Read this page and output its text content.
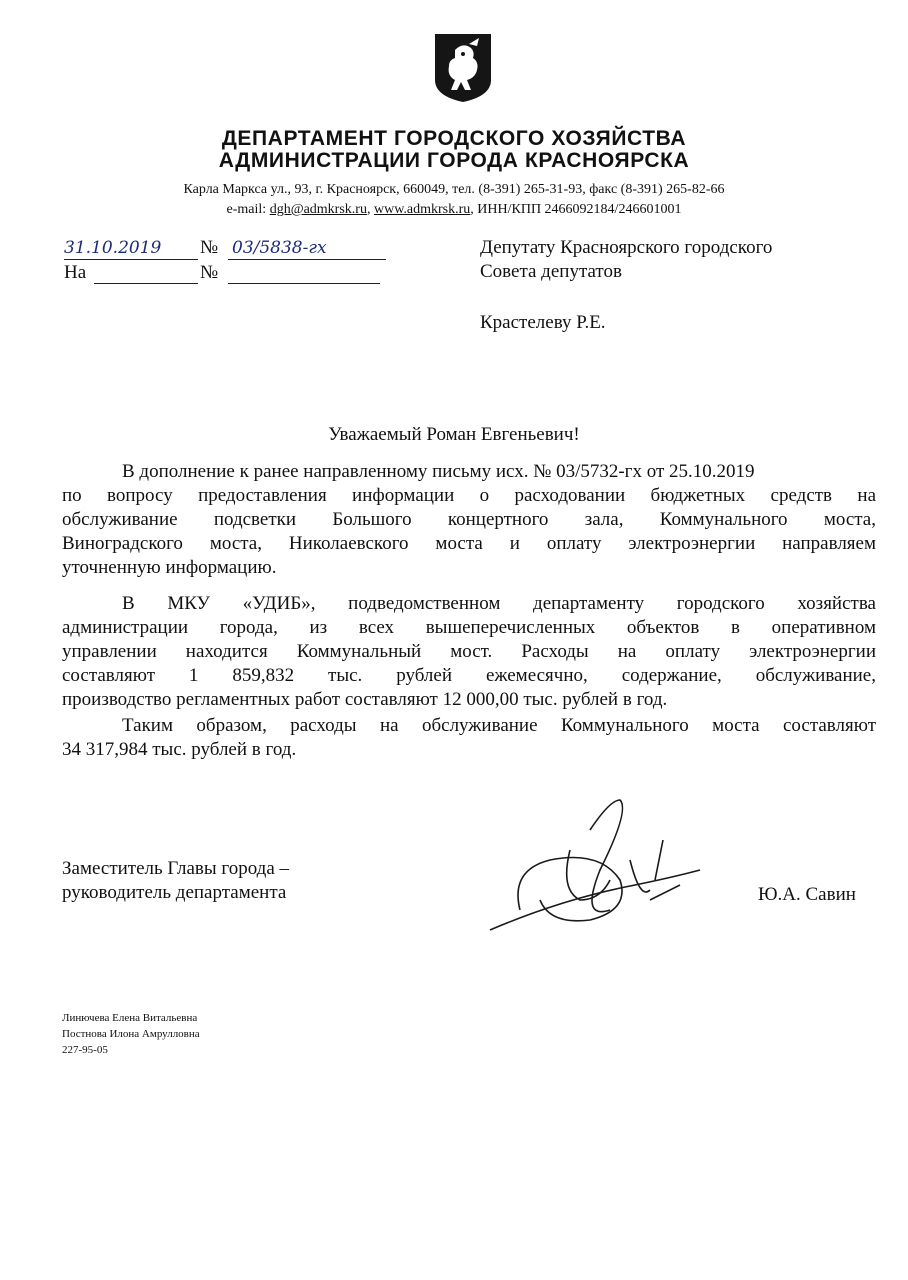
ДЕПАРТАМЕНТ ГОРОДСКОГО ХОЗЯЙСТВА
АДМИНИСТРАЦИИ ГОРОДА КРАСНОЯРСКА
Карла Маркса ул., 93, г. Красноярск, 660049, тел. (8-391) 265-31-93, факс (8-391) 265-82-66
e-mail: dgh@admkrsk.ru, www.admkrsk.ru, ИНН/КПП 2466092184/246601001
31.10.2019 № 03/5838-гх
На	№
Депутату Красноярского городского
Совета депутатов
Крастелеву Р.Е.
Уважаемый Роман Евгеньевич!
В дополнение к ранее направленному письму исх. № 03/5732-гх от 25.10.2019
по вопросу предоставления информации о расходовании бюджетных средств на
обслуживание подсветки Большого концертного зала, Коммунального моста,
Виноградского моста, Николаевского моста и оплату электроэнергии направляем
уточненную информацию.
В МКУ «УДИБ», подведомственном департаменту городского хозяйства
администрации города, из всех вышеперечисленных объектов в оперативном
управлении находится Коммунальный мост. Расходы на оплату электроэнергии
составляют 1 859,832 тыс. рублей ежемесячно, содержание, обслуживание,
производство регламентных работ составляют 12 000,00 тыс. рублей в год.
Таким образом, расходы на обслуживание Коммунального моста составляют
34 317,984 тыс. рублей в год.
Заместитель Главы города –
руководитель департамента	Ю.А. Савин
Линючева Елена Витальевна
Постнова Илона Амрулловна
227-95-05
